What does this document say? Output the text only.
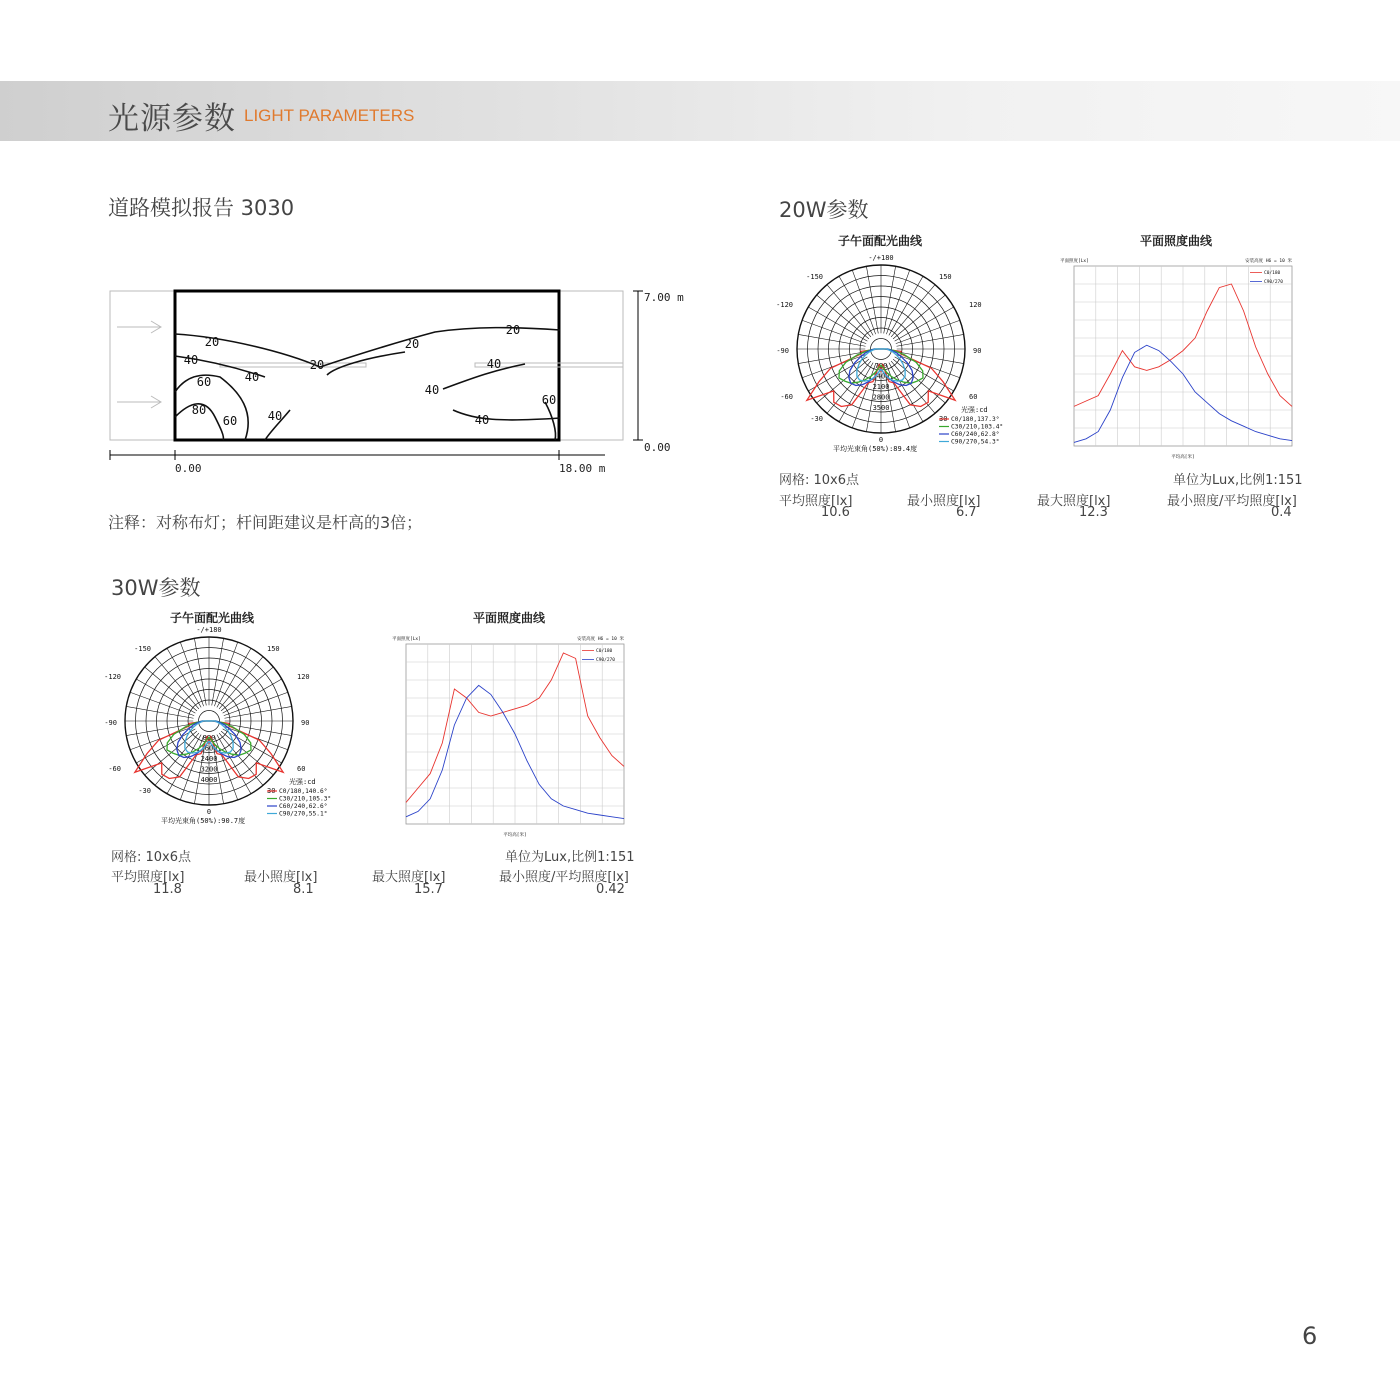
光源参数 LIGHT PARAMETERS
道路模拟报告 3030
20
20
20
20
40
40
40
40
40
40
60
60
60
80
7.00 m
0.00
0.00	18.00 m
注释：对称布灯；杆间距建议是杆高的3倍；
20W参数
子午面配光曲线	平面照度曲线
-/+180
-150	150
-120	120
-90	90
-60	60
-30	30
0
700
1400
2100
2800
3500	光强:cd
C0/180,137.3°
C30/210,103.4°
C60/240,62.8°
C90/270,54.3°
平均光束角(50%):89.4度
平面照度[Lx]	安装高度 H6 = 10 米
平均高[米]
C0/180
C90/270
网格: 10x6点	单位为Lux,比例1:151
平均照度[lx]	最小照度[lx]	最大照度[lx]	最小照度/平均照度[lx]
10.6	6.7	12.3	0.4
30W参数
子午面配光曲线	平面照度曲线
-/+180
-150	150
-120	120
-90	90
-60	60
-30	30
0
800
1600
2400
3200
4000	光强:cd
C0/180,140.6°
C30/210,105.3°
C60/240,62.6°
C90/270,55.1°
平均光束角(50%):90.7度
平面照度[Lx]	安装高度 H6 = 10 米
平均高[米]
C0/180
C90/270
网格: 10x6点	单位为Lux,比例1:151
平均照度[lx]	最小照度[lx]	最大照度[lx]	最小照度/平均照度[lx]
11.8	8.1	15.7	0.42
6
